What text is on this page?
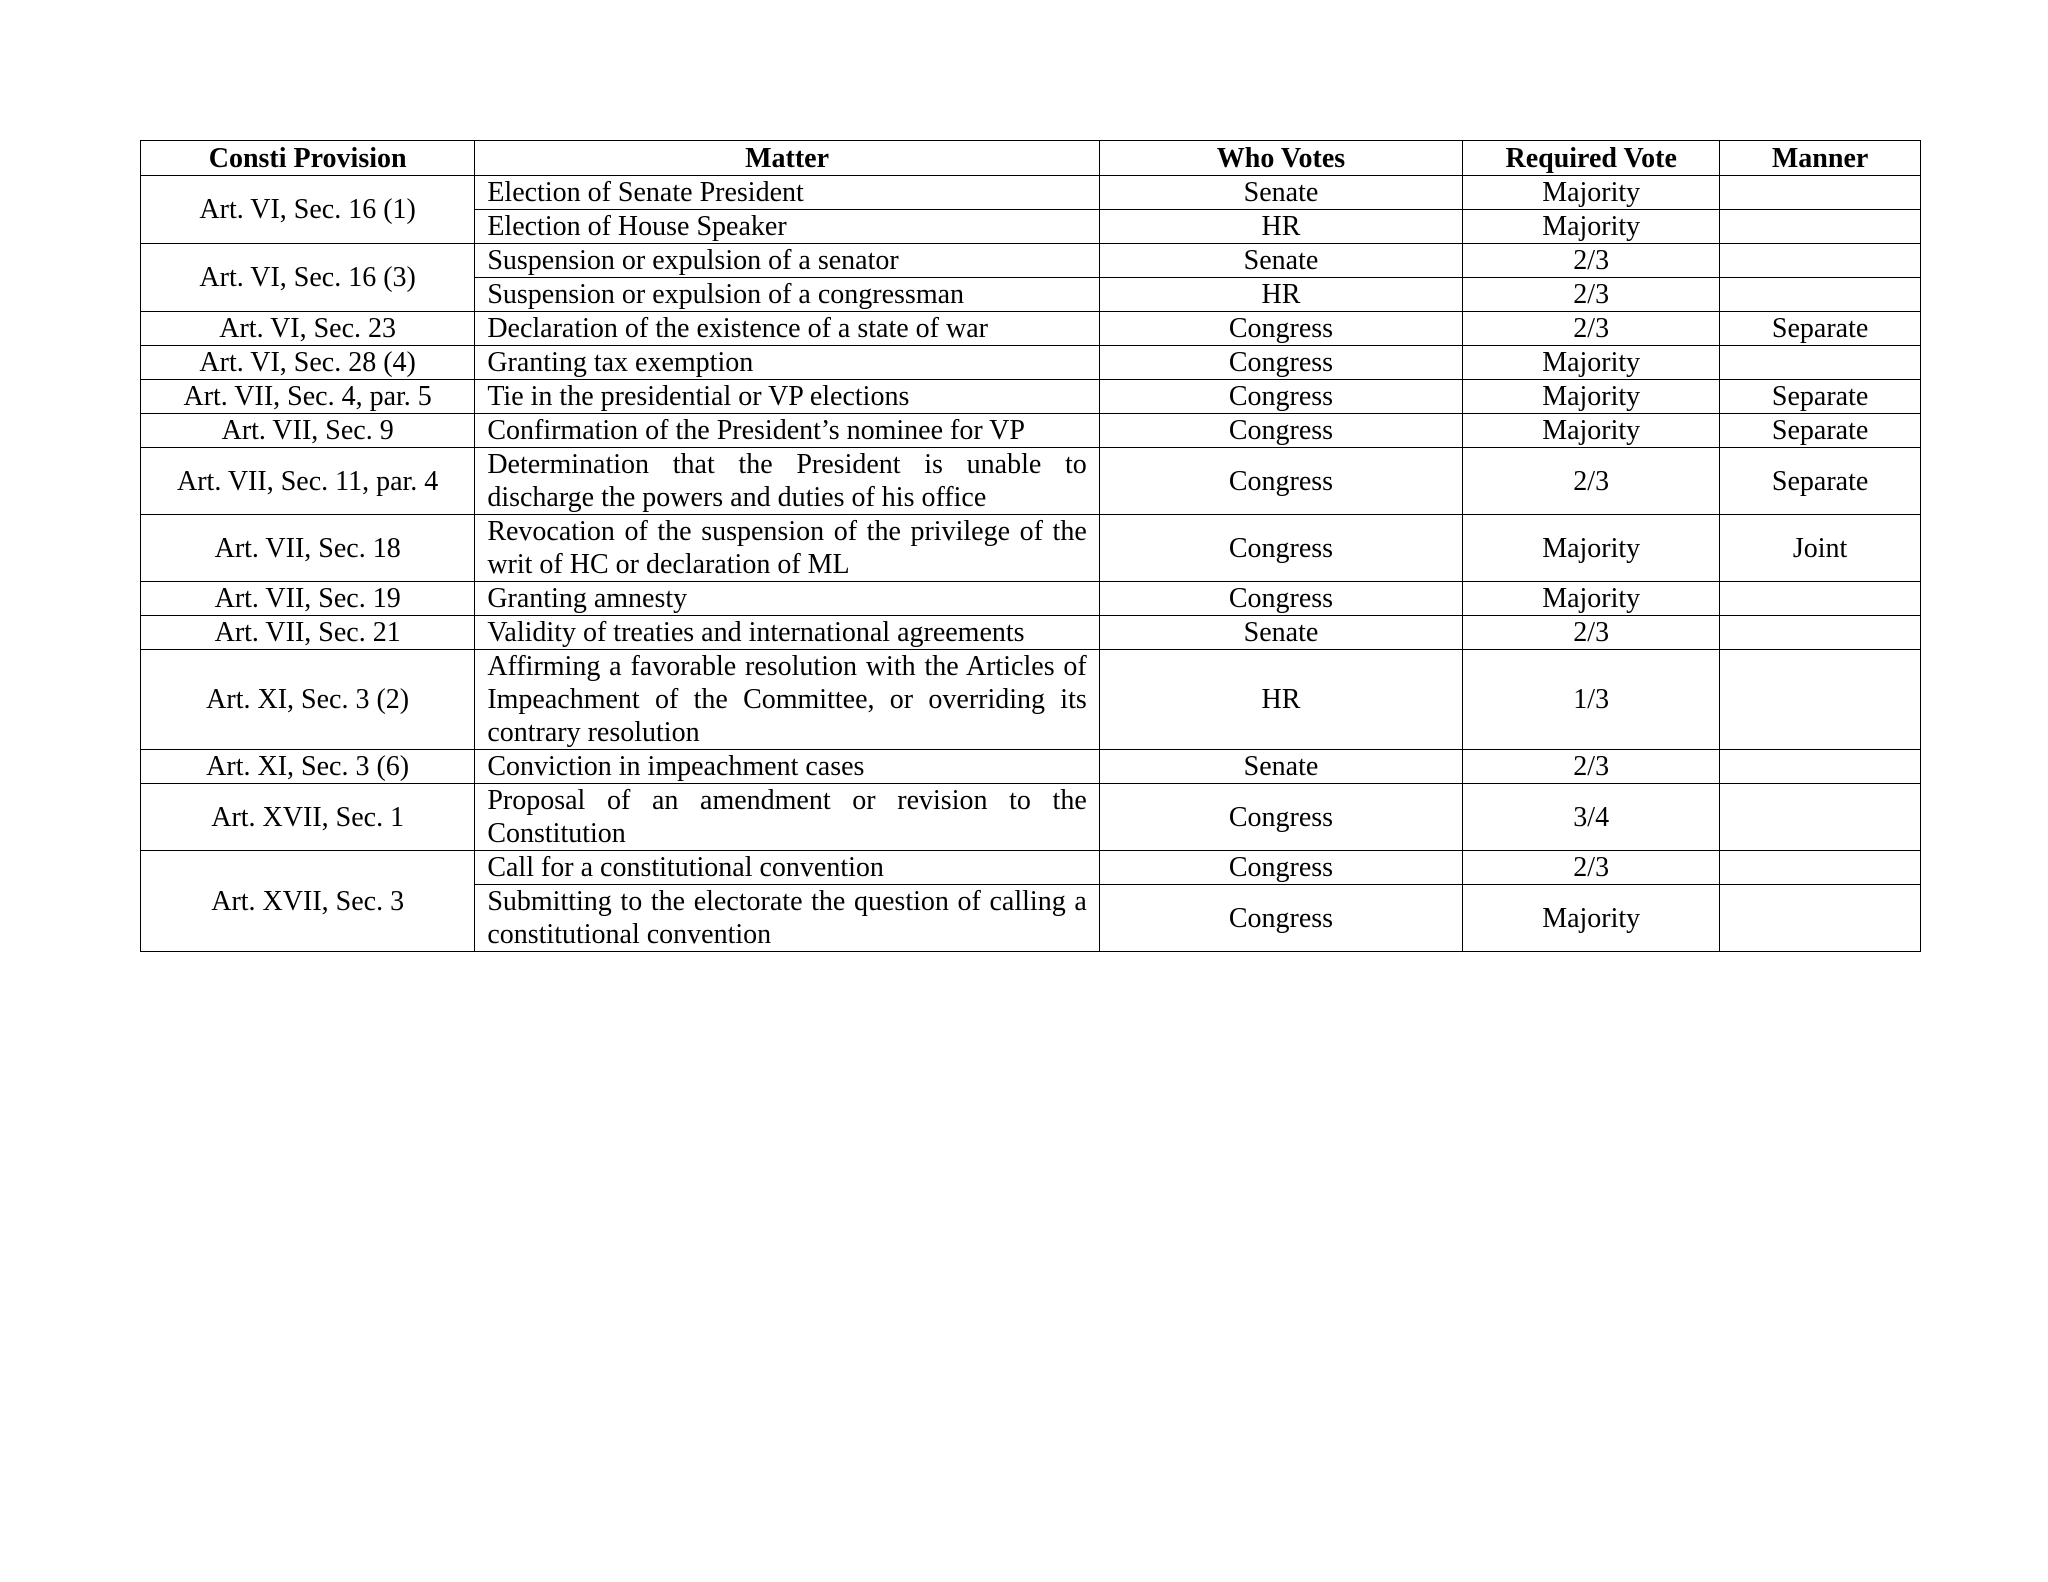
Consti Provision	Matter	Who Votes	Required Vote	Manner
Art. VI, Sec. 16 (1)	Election of Senate President	Senate	Majority	
	Election of House Speaker	HR	Majority	
Art. VI, Sec. 16 (3)	Suspension or expulsion of a senator	Senate	2/3	
	Suspension or expulsion of a congressman	HR	2/3	
Art. VI, Sec. 23	Declaration of the existence of a state of war	Congress	2/3	Separate
Art. VI, Sec. 28 (4)	Granting tax exemption	Congress	Majority	
Art. VII, Sec. 4, par. 5	Tie in the presidential or VP elections	Congress	Majority	Separate
Art. VII, Sec. 9	Confirmation of the President’s nominee for VP	Congress	Majority	Separate
Art. VII, Sec. 11, par. 4	Determination that the President is unable to discharge the powers and duties of his office	Congress	2/3	Separate
Art. VII, Sec. 18	Revocation of the suspension of the privilege of the writ of HC or declaration of ML	Congress	Majority	Joint
Art. VII, Sec. 19	Granting amnesty	Congress	Majority	
Art. VII, Sec. 21	Validity of treaties and international agreements	Senate	2/3	
Art. XI, Sec. 3 (2)	Affirming a favorable resolution with the Articles of Impeachment of the Committee, or overriding its contrary resolution	HR	1/3	
Art. XI, Sec. 3 (6)	Conviction in impeachment cases	Senate	2/3	
Art. XVII, Sec. 1	Proposal of an amendment or revision to the Constitution	Congress	3/4	
Art. XVII, Sec. 3	Call for a constitutional convention	Congress	2/3	
	Submitting to the electorate the question of calling a constitutional convention	Congress	Majority	
